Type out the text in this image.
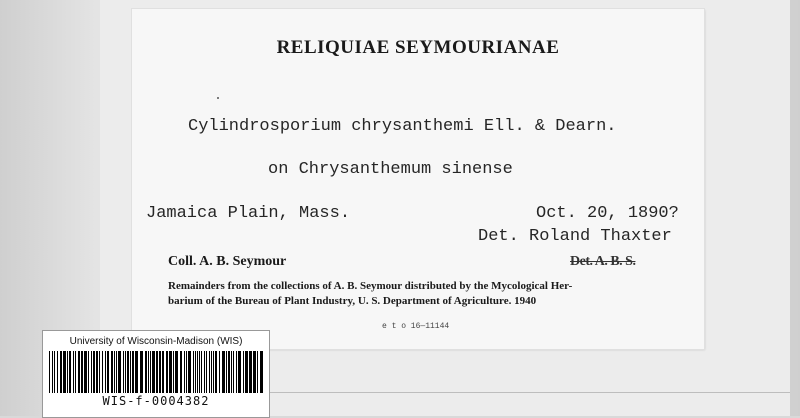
RELIQUIAE SEYMOURIANAE
Cylindrosporium chrysanthemi Ell. & Dearn.
on Chrysanthemum sinense
Jamaica Plain, Mass.	Oct. 20, 1890?
Det. Roland Thaxter
Coll. A. B. Seymour	Det. A. B. S.
Remainders from the collections of A. B. Seymour distributed by the Mycological Her-
barium of the Bureau of Plant Industry, U. S. Department of Agriculture. 1940
e t o 16—11144
University of Wisconsin-Madison (WIS)
WIS-f-0004382
